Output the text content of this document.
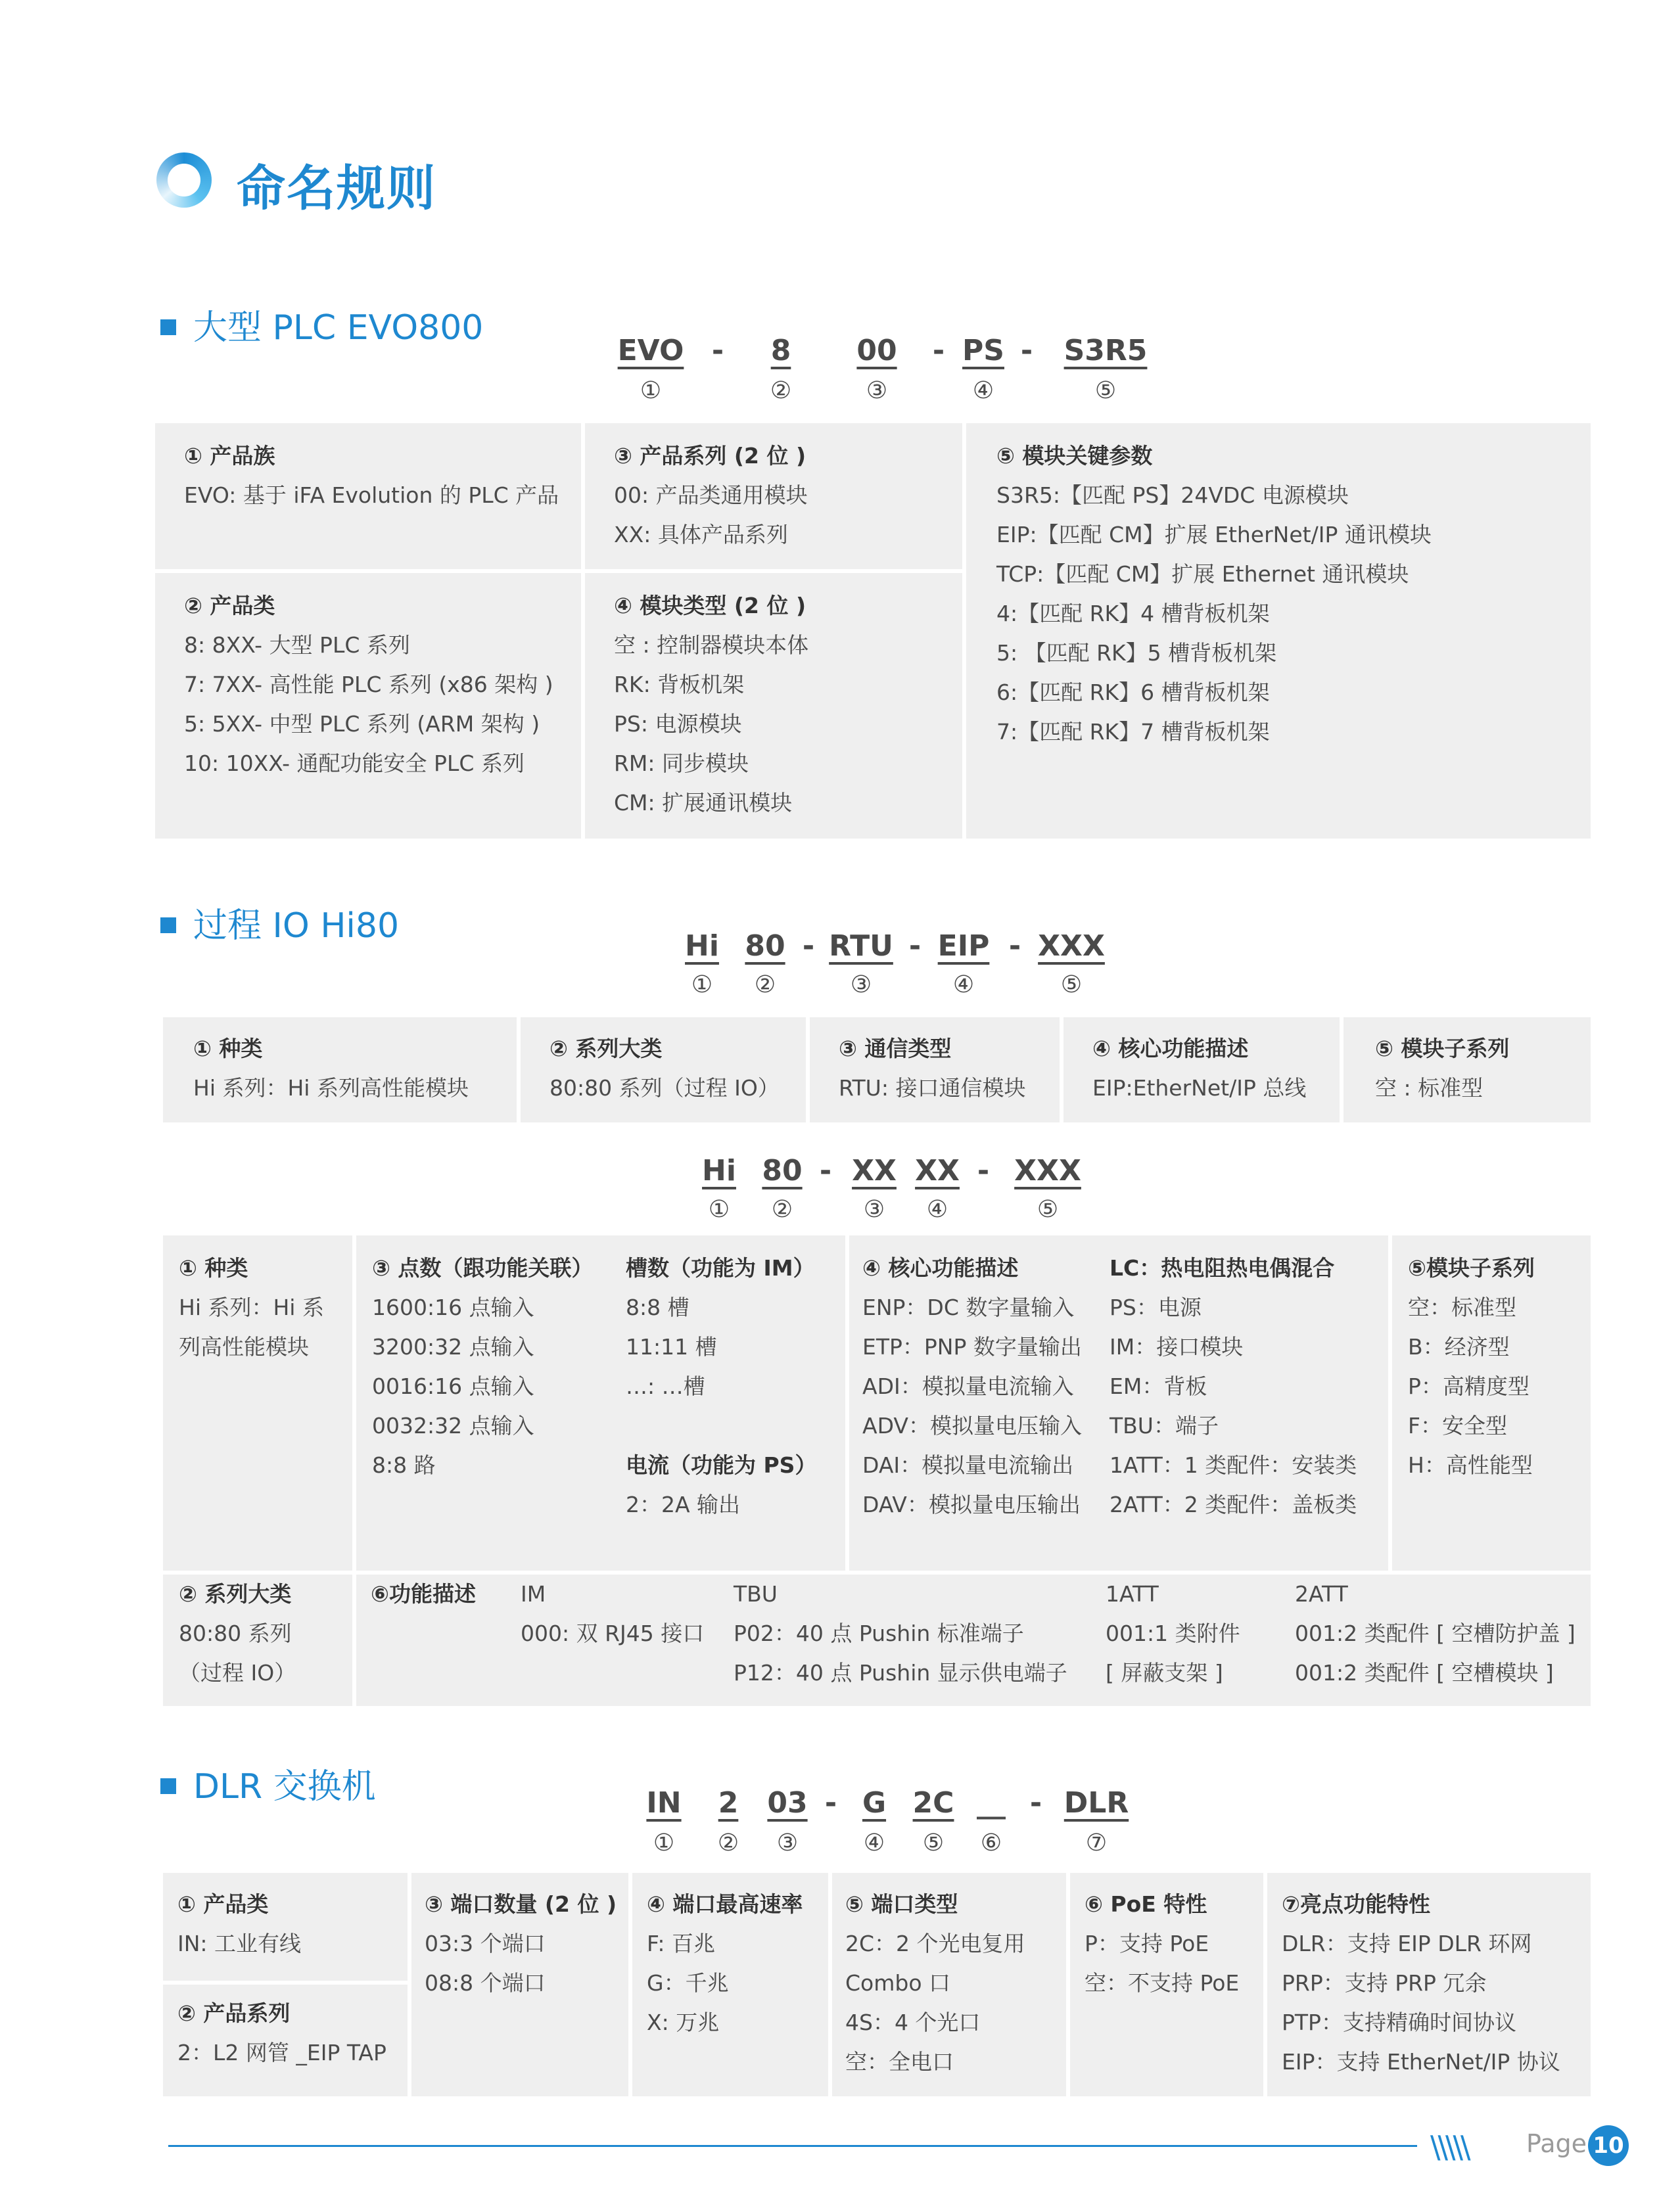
命名规则
大型 PLC EVO800
EVO - 8 00 - PS - S3R5
①	②	③	④	⑤
① 产品族
EVO: 基于 iFA Evolution 的 PLC 产品
② 产品类
8: 8XX- 大型 PLC 系列
7: 7XX- 高性能 PLC 系列 (x86 架构 )
5: 5XX- 中型 PLC 系列 (ARM 架构 )
10: 10XX- 通配功能安全 PLC 系列
③ 产品系列 (2 位 )
00: 产品类通用模块
XX: 具体产品系列
④ 模块类型 (2 位 )
空 : 控制器模块本体
RK: 背板机架
PS: 电源模块
RM: 同步模块
CM: 扩展通讯模块
⑤ 模块关键参数
S3R5:【匹配 PS】24VDC 电源模块
EIP:【匹配 CM】扩展 EtherNet/IP 通讯模块
TCP:【匹配 CM】扩展 Ethernet 通讯模块
4:【匹配 RK】4 槽背板机架
5: 【匹配 RK】5 槽背板机架
6:【匹配 RK】6 槽背板机架
7:【匹配 RK】7 槽背板机架
过程 IO Hi80
Hi 80 - RTU - EIP - XXX
① ②	③	④	⑤
① 种类
Hi 系列：Hi 系列高性能模块
② 系列大类
80:80 系列（过程 IO）
③ 通信类型
RTU: 接口通信模块
④ 核心功能描述
EIP:EtherNet/IP 总线
⑤ 模块子系列
空 : 标准型
Hi 80 - XX XX - XXX
① ②	③ ④	⑤
① 种类
Hi 系列：Hi 系
列高性能模块
③ 点数（跟功能关联）
1600:16 点输入
3200:32 点输入
0016:16 点输入
0032:32 点输入
8:8 路
槽数（功能为 IM）
8:8 槽
11:11 槽
…: …槽
电流（功能为 PS）
2：2A 输出
④ 核心功能描述
ENP：DC 数字量输入
ETP：PNP 数字量输出
ADI：模拟量电流输入
ADV：模拟量电压输入
DAI：模拟量电流输出
DAV：模拟量电压输出
LC：热电阻热电偶混合
PS：电源
IM：接口模块
EM：背板
TBU：端子
1ATT：1 类配件：安装类
2ATT：2 类配件：盖板类
⑤模块子系列
空：标准型
B：经济型
P：高精度型
F：安全型
H：高性能型
② 系列大类
80:80 系列
（过程 IO）
⑥功能描述 IM
000: 双 RJ45 接口
TBU
P02：40 点 Pushin 标准端子
P12：40 点 Pushin 显示供电端子
1ATT
001:1 类附件
[ 屏蔽支架 ]
2ATT
001:2 类配件 [ 空槽防护盖 ]
001:2 类配件 [ 空槽模块 ]
DLR 交换机	IN 2 03 - G 2C __ - DLR
① ② ③	④ ⑤ ⑥	⑦
① 产品类
IN: 工业有线
② 产品系列
2：L2 网管 _EIP TAP
③ 端口数量 (2 位 )
03:3 个端口
08:8 个端口
④ 端口最高速率
F: 百兆
G：千兆
X: 万兆
⑤ 端口类型
2C：2 个光电复用
Combo 口
4S：4 个光口
空：全电口
⑥ PoE 特性
P：支持 PoE
空：不支持 PoE
⑦亮点功能特性
DLR：支持 EIP DLR 环网
PRP：支持 PRP 冗余
PTP：支持精确时间协议
EIP：支持 EtherNet/IP 协议
\\\\\ Page 10
